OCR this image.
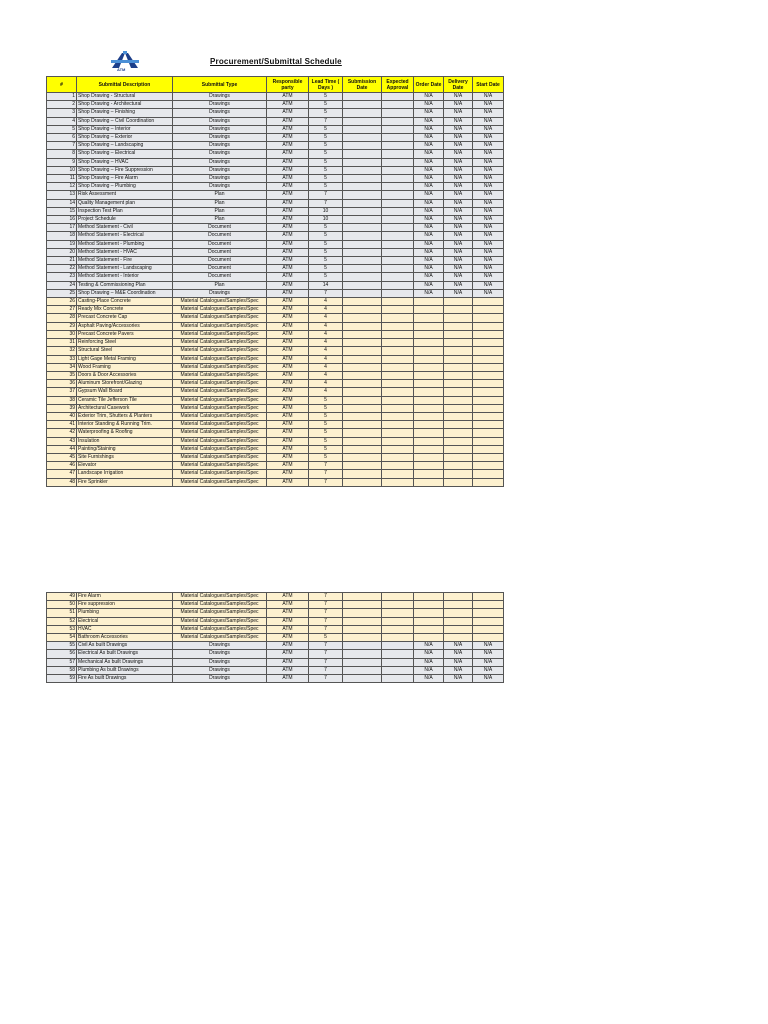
ATM
Procurement/Submittal Schedule
#	Submittal Description	Submittal Type	Responsible party	Lead Time ( Days )	Submission Date	Expected Approval	Order Date	Delivery Date	Start Date
1	Shop Drawing - Structural	Drawings	ATM	5			N/A	N/A	N/A
2	Shop Drawing - Architectural	Drawings	ATM	5			N/A	N/A	N/A
3	Shop Drawing – Finishing	Drawings	ATM	5			N/A	N/A	N/A
4	Shop Drawing – Civil Coordination	Drawings	ATM	7			N/A	N/A	N/A
5	Shop Drawing – Interior	Drawings	ATM	5			N/A	N/A	N/A
6	Shop Drawing – Exterior	Drawings	ATM	5			N/A	N/A	N/A
7	Shop Drawing – Landscaping	Drawings	ATM	5			N/A	N/A	N/A
8	Shop Drawing – Electrical	Drawings	ATM	5			N/A	N/A	N/A
9	Shop Drawing – HVAC	Drawings	ATM	5			N/A	N/A	N/A
10	Shop Drawing – Fire Suppression	Drawings	ATM	5			N/A	N/A	N/A
11	Shop Drawing – Fire Alarm	Drawings	ATM	5			N/A	N/A	N/A
12	Shop Drawing – Plumbing	Drawings	ATM	5			N/A	N/A	N/A
13	Risk Assessment	Plan	ATM	7			N/A	N/A	N/A
14	Quality Management plan	Plan	ATM	7			N/A	N/A	N/A
15	Inspection Test Plan	Plan	ATM	10			N/A	N/A	N/A
16	Project Schedule	Plan	ATM	10			N/A	N/A	N/A
17	Method Statement - Civil	Document	ATM	5			N/A	N/A	N/A
18	Method Statement - Electrical	Document	ATM	5			N/A	N/A	N/A
19	Method Statement - Plumbing	Document	ATM	5			N/A	N/A	N/A
20	Method Statement - HVAC	Document	ATM	5			N/A	N/A	N/A
21	Method Statement - Fire	Document	ATM	5			N/A	N/A	N/A
22	Method Statement - Landscaping	Document	ATM	5			N/A	N/A	N/A
23	Method Statement - Interior	Document	ATM	5			N/A	N/A	N/A
24	Testing & Commissioning Plan	Plan	ATM	14			N/A	N/A	N/A
25	Shop Drawing – M&E Coordination	Drawings	ATM	7			N/A	N/A	N/A
26	Casting-Place Concrete	Material Catalogues/Samples/Spec	ATM	4					
27	Ready Mix Concrete	Material Catalogues/Samples/Spec	ATM	4					
28	Precast Concrete Cap	Material Catalogues/Samples/Spec	ATM	4					
29	Asphalt Paving/Accessories	Material Catalogues/Samples/Spec	ATM	4					
30	Precast Concrete Pavers	Material Catalogues/Samples/Spec	ATM	4					
31	Reinforcing Steel	Material Catalogues/Samples/Spec	ATM	4					
32	Structural Steel	Material Catalogues/Samples/Spec	ATM	4					
33	Light Gage Metal Framing	Material Catalogues/Samples/Spec	ATM	4					
34	Wood Framing	Material Catalogues/Samples/Spec	ATM	4					
35	Doors & Door Accessories	Material Catalogues/Samples/Spec	ATM	4					
36	Aluminum Storefront/Glazing	Material Catalogues/Samples/Spec	ATM	4					
37	Gypsum Wall Board	Material Catalogues/Samples/Spec	ATM	4					
38	Ceramic Tile Jefferson Tile	Material Catalogues/Samples/Spec	ATM	5					
39	Architectural Casework	Material Catalogues/Samples/Spec	ATM	5					
40	Exterior Trim, Shutters & Planters	Material Catalogues/Samples/Spec	ATM	5					
41	Interior Standing & Running Trim.	Material Catalogues/Samples/Spec	ATM	5					
42	Waterproofing & Roofing	Material Catalogues/Samples/Spec	ATM	5					
43	Insulation	Material Catalogues/Samples/Spec	ATM	5					
44	Painting/Staining	Material Catalogues/Samples/Spec	ATM	5					
45	Site Furnishings	Material Catalogues/Samples/Spec	ATM	5					
46	Elevator	Material Catalogues/Samples/Spec	ATM	7					
47	Landscape Irrigation	Material Catalogues/Samples/Spec	ATM	7					
48	Fire Sprinkler	Material Catalogues/Samples/Spec	ATM	7					
49	Fire Alarm	Material Catalogues/Samples/Spec	ATM	7					
50	Fire suppression	Material Catalogues/Samples/Spec	ATM	7					
51	Plumbing	Material Catalogues/Samples/Spec	ATM	7					
52	Electrical	Material Catalogues/Samples/Spec	ATM	7					
53	HVAC	Material Catalogues/Samples/Spec	ATM	7					
54	Bathroom Accessories	Material Catalogues/Samples/Spec	ATM	5					
55	Civil As built Drawings	Drawings	ATM	7			N/A	N/A	N/A
56	Electrical As built Drawings	Drawings	ATM	7			N/A	N/A	N/A
57	Mechanical As built Drawings	Drawings	ATM	7			N/A	N/A	N/A
58	Plumbing As built Drawings	Drawings	ATM	7			N/A	N/A	N/A
59	Fire As built Drawings	Drawings	ATM	7			N/A	N/A	N/A
